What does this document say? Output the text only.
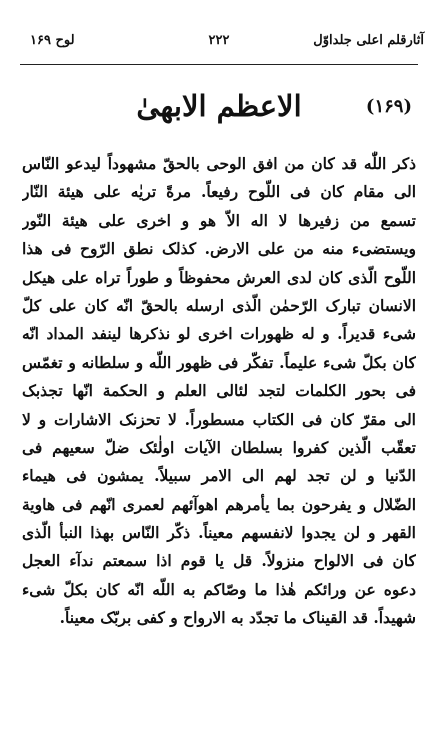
آثارقلم اعلی جلداوّل
۲۲۲
لوح ۱۶۹
(۱۶۹)
الاعظم الابهیٰ
ذکر اللّٰه قد کان من افق الوحی بالحقّ مشهوداً لیدعو النّاس
الی مقام کان فی اللّوح رفیعاً. مرةً تریٰه علی هیئة النّار
تسمع من زفیرها لا اله الاّ هو و اخری علی هیئة النّور
ویستضیء منه من علی الارض. کذلک نطق الرّوح فی هذا
اللّوح الّذی کان لدی العرش محفوظاً و طوراً تراه علی هیکل
الانسان تبارک الرّحمٰن الّذی ارسله بالحقّ انّه کان علی کلّ
شیء قدیراً. و له ظهورات اخری لو نذکرها لینفد المداد انّه
کان بکلّ شیء علیماً. تفکّر فی ظهور اللّه و سلطانه و تغمّس
فی بحور الکلمات لتجد لئالی العلم و الحکمة انّها تجذبک
الی مقرّ کان فی الکتاب مسطوراً. لا تحزنک الاشارات و لا
تعقّب الّذین کفروا بسلطان الآیات اولٰئک ضلّ سعیهم فی
الدّنیا و لن تجد لهم الی الامر سبیلاً. یمشون فی هیماء
الضّلال و یفرحون بما یأمرهم اهوآئهم لعمری انّهم فی هاویة
القهر و لن یجدوا لانفسهم معیناً. ذکّر النّاس بهذا النبأ الّذی
کان فی الالواح منزولاً. قل یا قوم اذا سمعتم ندآء العجل
دعوه عن ورائکم هٰذا ما وصّاکم به اللّه انّه کان بکلّ شیء
شهیداً. قد القیناک ما تجدّد به الارواح و کفی بربّک معیناً.
